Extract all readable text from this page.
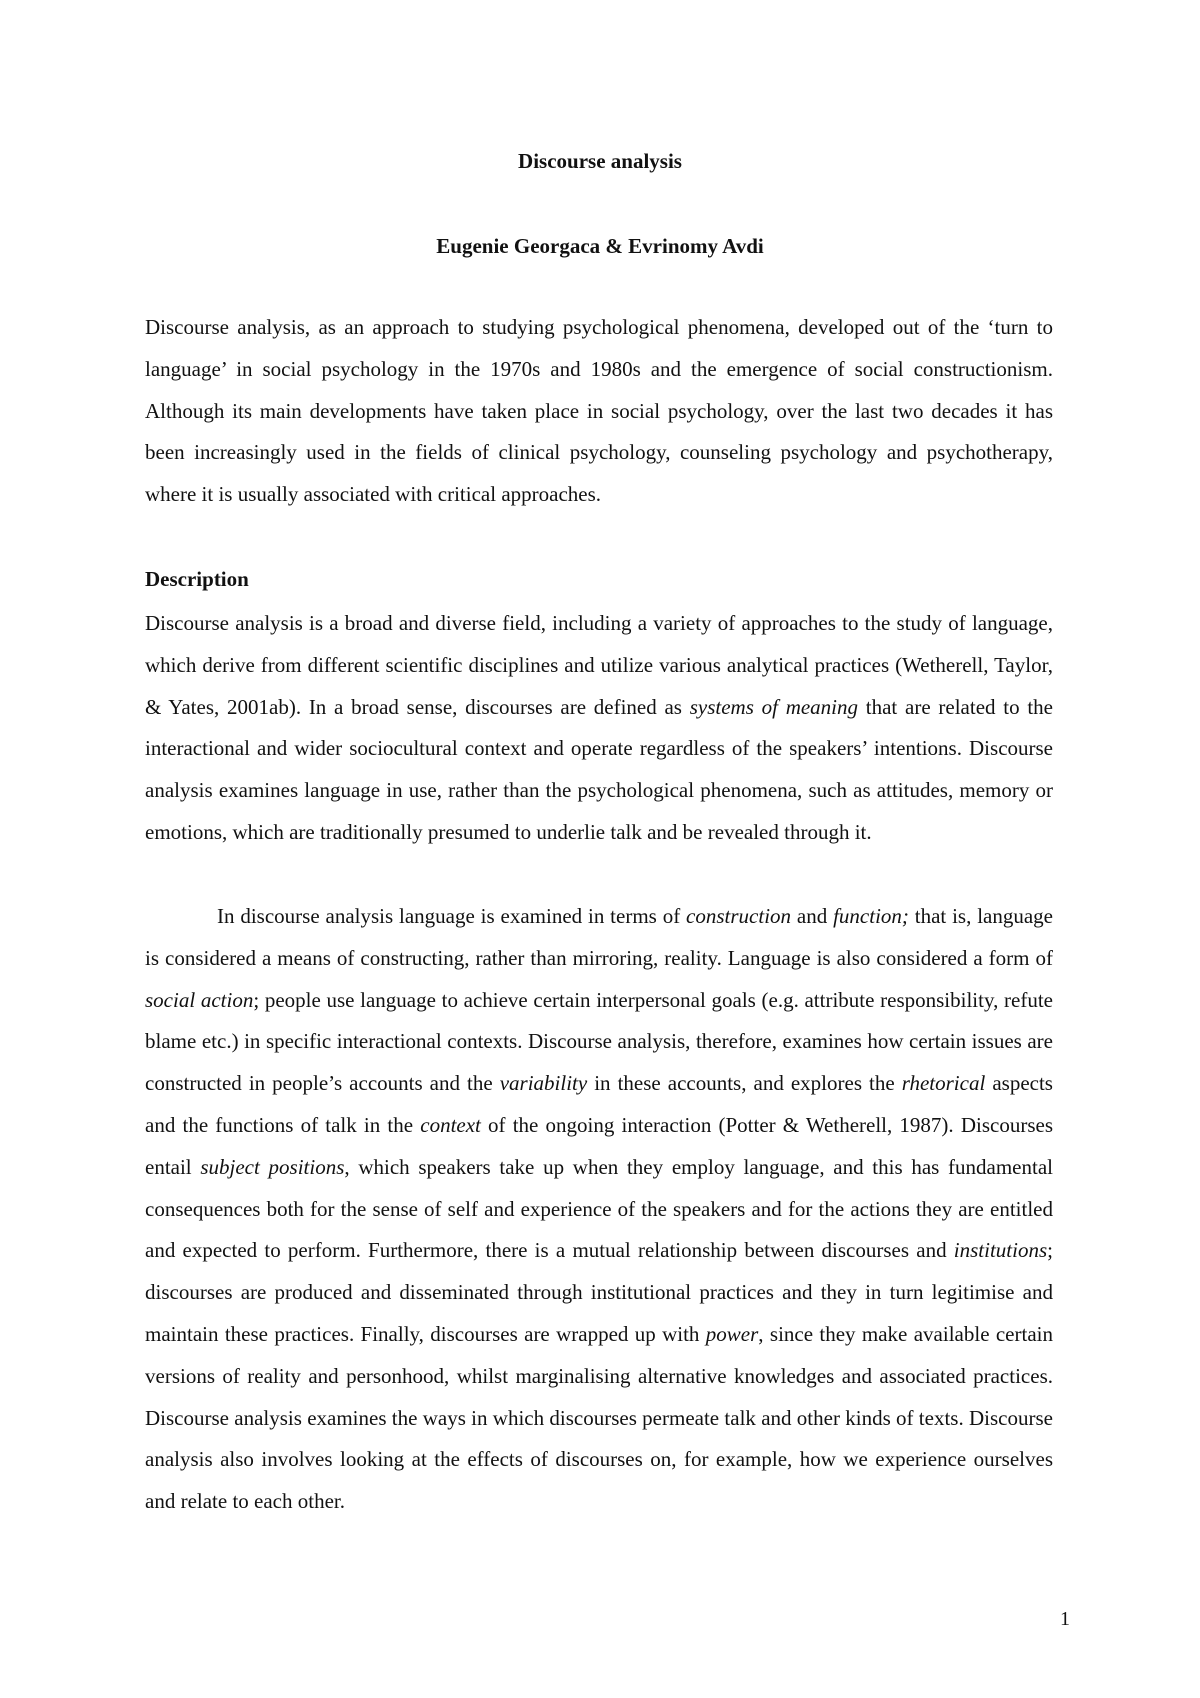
Discourse analysis
Eugenie Georgaca & Evrinomy Avdi

Discourse analysis, as an approach to studying psychological phenomena, developed out of the ‘turn to language’ in social psychology in the 1970s and 1980s and the emergence of social constructionism. Although its main developments have taken place in social psychology, over the last two decades it has been increasingly used in the fields of clinical psychology, counseling psychology and psychotherapy, where it is usually associated with critical approaches.

Description

Discourse analysis is a broad and diverse field, including a variety of approaches to the study of language, which derive from different scientific disciplines and utilize various analytical practices (Wetherell, Taylor, & Yates, 2001ab). In a broad sense, discourses are defined as systems of meaning that are related to the interactional and wider sociocultural context and operate regardless of the speakers’ intentions. Discourse analysis examines language in use, rather than the psychological phenomena, such as attitudes, memory or emotions, which are traditionally presumed to underlie talk and be revealed through it.

In discourse analysis language is examined in terms of construction and function; that is, language is considered a means of constructing, rather than mirroring, reality. Language is also considered a form of social action; people use language to achieve certain interpersonal goals (e.g. attribute responsibility, refute blame etc.) in specific interactional contexts. Discourse analysis, therefore, examines how certain issues are constructed in people’s accounts and the variability in these accounts, and explores the rhetorical aspects and the functions of talk in the context of the ongoing interaction (Potter & Wetherell, 1987). Discourses entail subject positions, which speakers take up when they employ language, and this has fundamental consequences both for the sense of self and experience of the speakers and for the actions they are entitled and expected to perform. Furthermore, there is a mutual relationship between discourses and institutions; discourses are produced and disseminated through institutional practices and they in turn legitimise and maintain these practices. Finally, discourses are wrapped up with power, since they make available certain versions of reality and personhood, whilst marginalising alternative knowledges and associated practices. Discourse analysis examines the ways in which discourses permeate talk and other kinds of texts. Discourse analysis also involves looking at the effects of discourses on, for example, how we experience ourselves and relate to each other.

1
